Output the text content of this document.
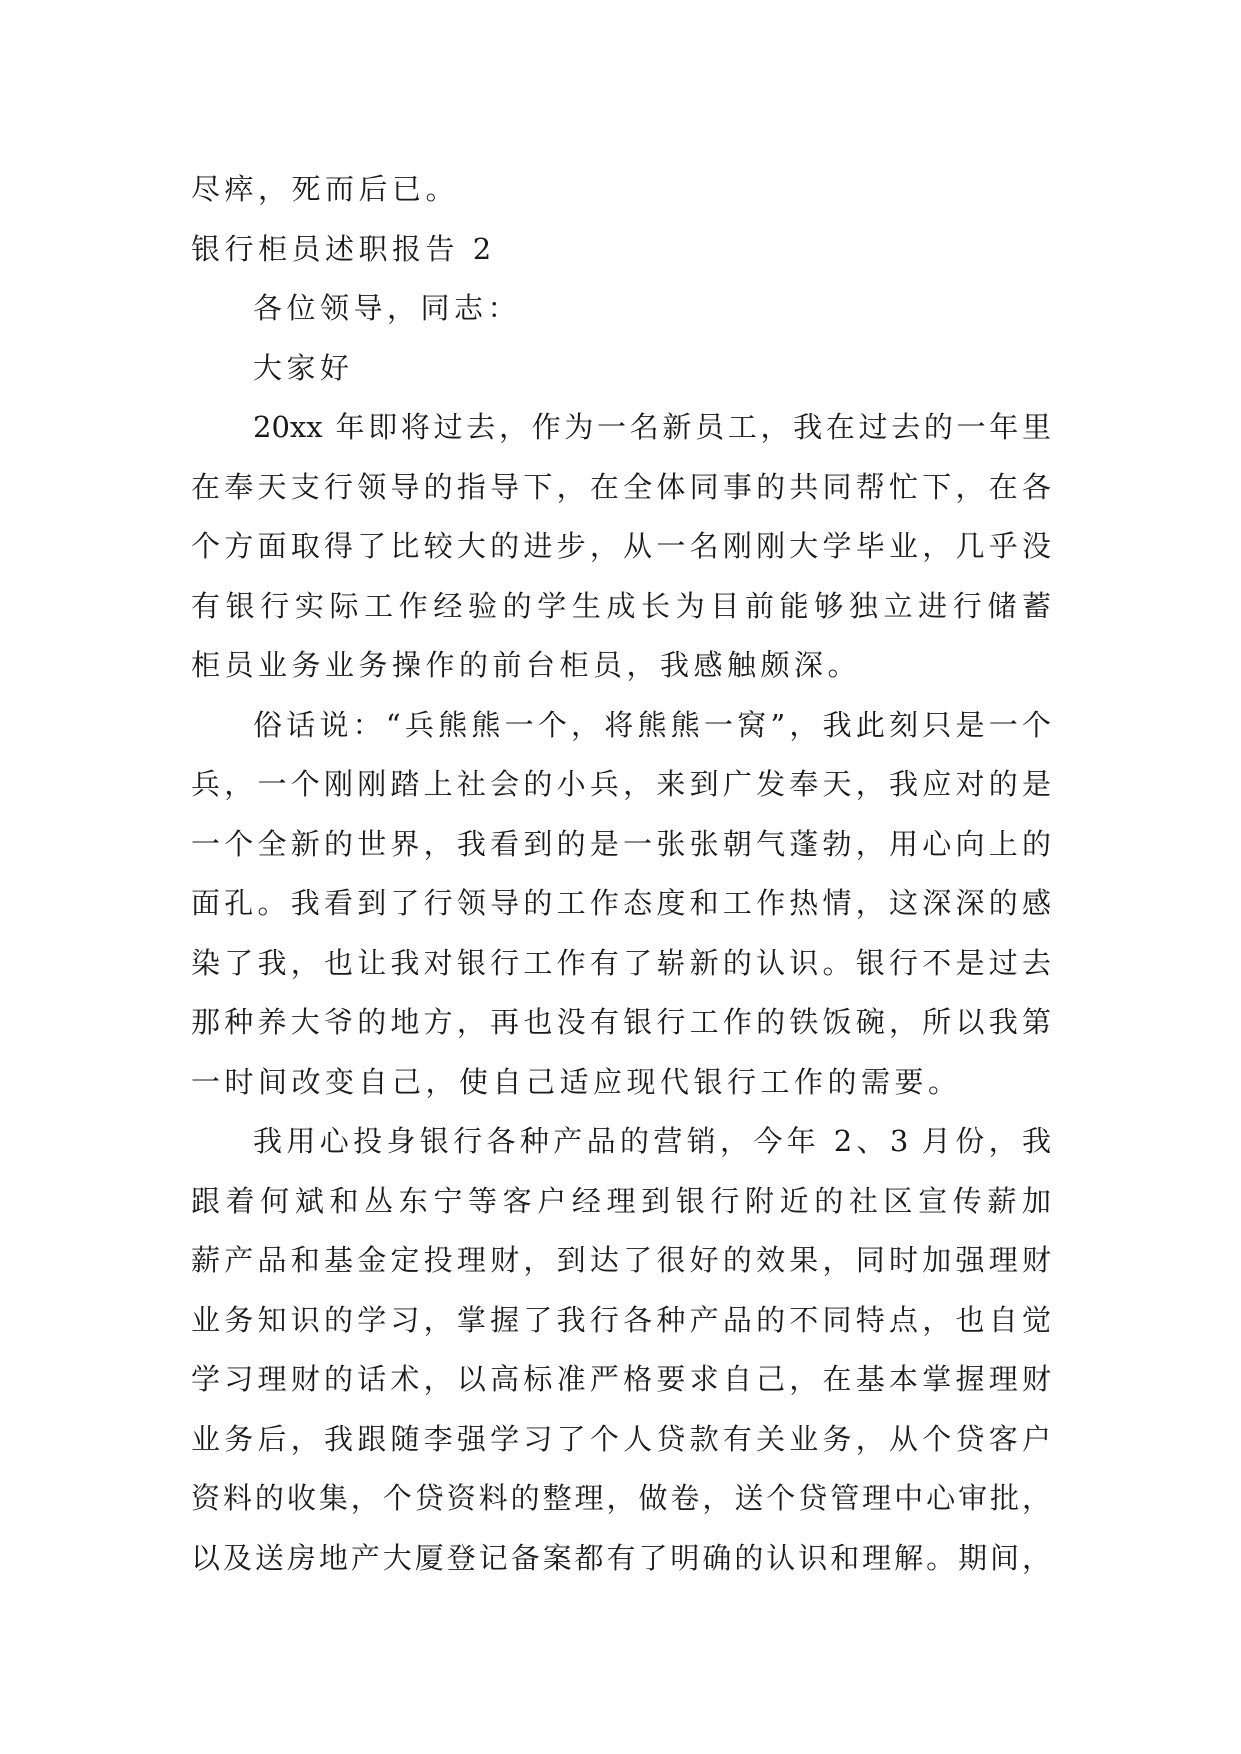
尽瘁，死而后已。
银行柜员述职报告 2
各位领导，同志：
大家好
20xx 年即将过去，作为一名新员工，我在过去的一年里
在奉天支行领导的指导下，在全体同事的共同帮忙下，在各
个方面取得了比较大的进步，从一名刚刚大学毕业，几乎没
有银行实际工作经验的学生成长为目前能够独立进行储蓄
柜员业务业务操作的前台柜员，我感触颇深。
俗话说：“兵熊熊一个，将熊熊一窝”，我此刻只是一个
兵，一个刚刚踏上社会的小兵，来到广发奉天，我应对的是
一个全新的世界，我看到的是一张张朝气蓬勃，用心向上的
面孔。我看到了行领导的工作态度和工作热情，这深深的感
染了我，也让我对银行工作有了崭新的认识。银行不是过去
那种养大爷的地方，再也没有银行工作的铁饭碗，所以我第
一时间改变自己，使自己适应现代银行工作的需要。
我用心投身银行各种产品的营销，今年 2、3 月份，我
跟着何斌和丛东宁等客户经理到银行附近的社区宣传薪加
薪产品和基金定投理财，到达了很好的效果，同时加强理财
业务知识的学习，掌握了我行各种产品的不同特点，也自觉
学习理财的话术，以高标准严格要求自己，在基本掌握理财
业务后，我跟随李强学习了个人贷款有关业务，从个贷客户
资料的收集，个贷资料的整理，做卷，送个贷管理中心审批，
以及送房地产大厦登记备案都有了明确的认识和理解。期间，
